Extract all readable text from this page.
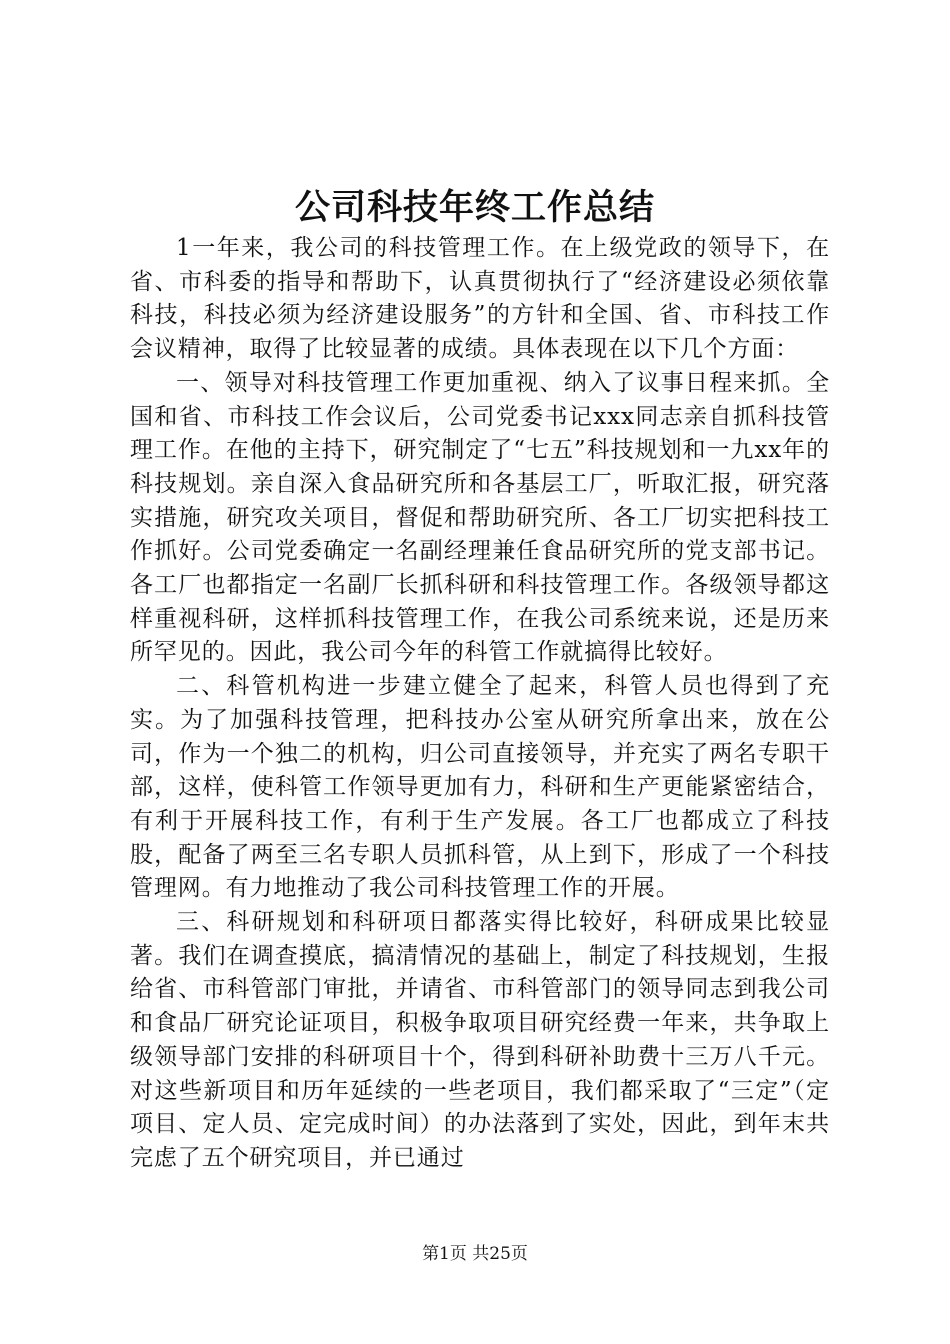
公司科技年终工作总结

1一年来，我公司的科技管理工作。在上级党政的领导下，在省、市科委的指导和帮助下，认真贯彻执行了“经济建设必须依靠科技，科技必须为经济建设服务”的方针和全国、省、市科技工作会议精神，取得了比较显著的成绩。具体表现在以下几个方面：

一、领导对科技管理工作更加重视、纳入了议事日程来抓。全国和省、市科技工作会议后，公司党委书记xxx同志亲自抓科技管理工作。在他的主持下，研究制定了“七五”科技规划和一九xx年的科技规划。亲自深入食品研究所和各基层工厂，听取汇报，研究落实措施，研究攻关项目，督促和帮助研究所、各工厂切实把科技工作抓好。公司党委确定一名副经理兼任食品研究所的党支部书记。各工厂也都指定一名副厂长抓科研和科技管理工作。各级领导都这样重视科研，这样抓科技管理工作，在我公司系统来说，还是历来所罕见的。因此，我公司今年的科管工作就搞得比较好。

二、科管机构进一步建立健全了起来，科管人员也得到了充实。为了加强科技管理，把科技办公室从研究所拿出来，放在公司，作为一个独二的机构，归公司直接领导，并充实了两名专职干部，这样，使科管工作领导更加有力，科研和生产更能紧密结合，有利于开展科技工作，有利于生产发展。各工厂也都成立了科技股，配备了两至三名专职人员抓科管，从上到下，形成了一个科技管理网。有力地推动了我公司科技管理工作的开展。

三、科研规划和科研项日都落实得比较好，科研成果比较显著。我们在调查摸底，搞清情况的基础上，制定了科技规划，生报给省、市科管部门审批，并请省、市科管部门的领导同志到我公司和食品厂研究论证项目，积极争取项目研究经费一年来，共争取上级领导部门安排的科研项目十个，得到科研补助费十三万八千元。对这些新项目和历年延续的一些老项目，我们都采取了“三定”（定项目、定人员、定完成时间）的办法落到了实处，因此，到年末共完虑了五个研究项目，并已通过

第1页 共25页
